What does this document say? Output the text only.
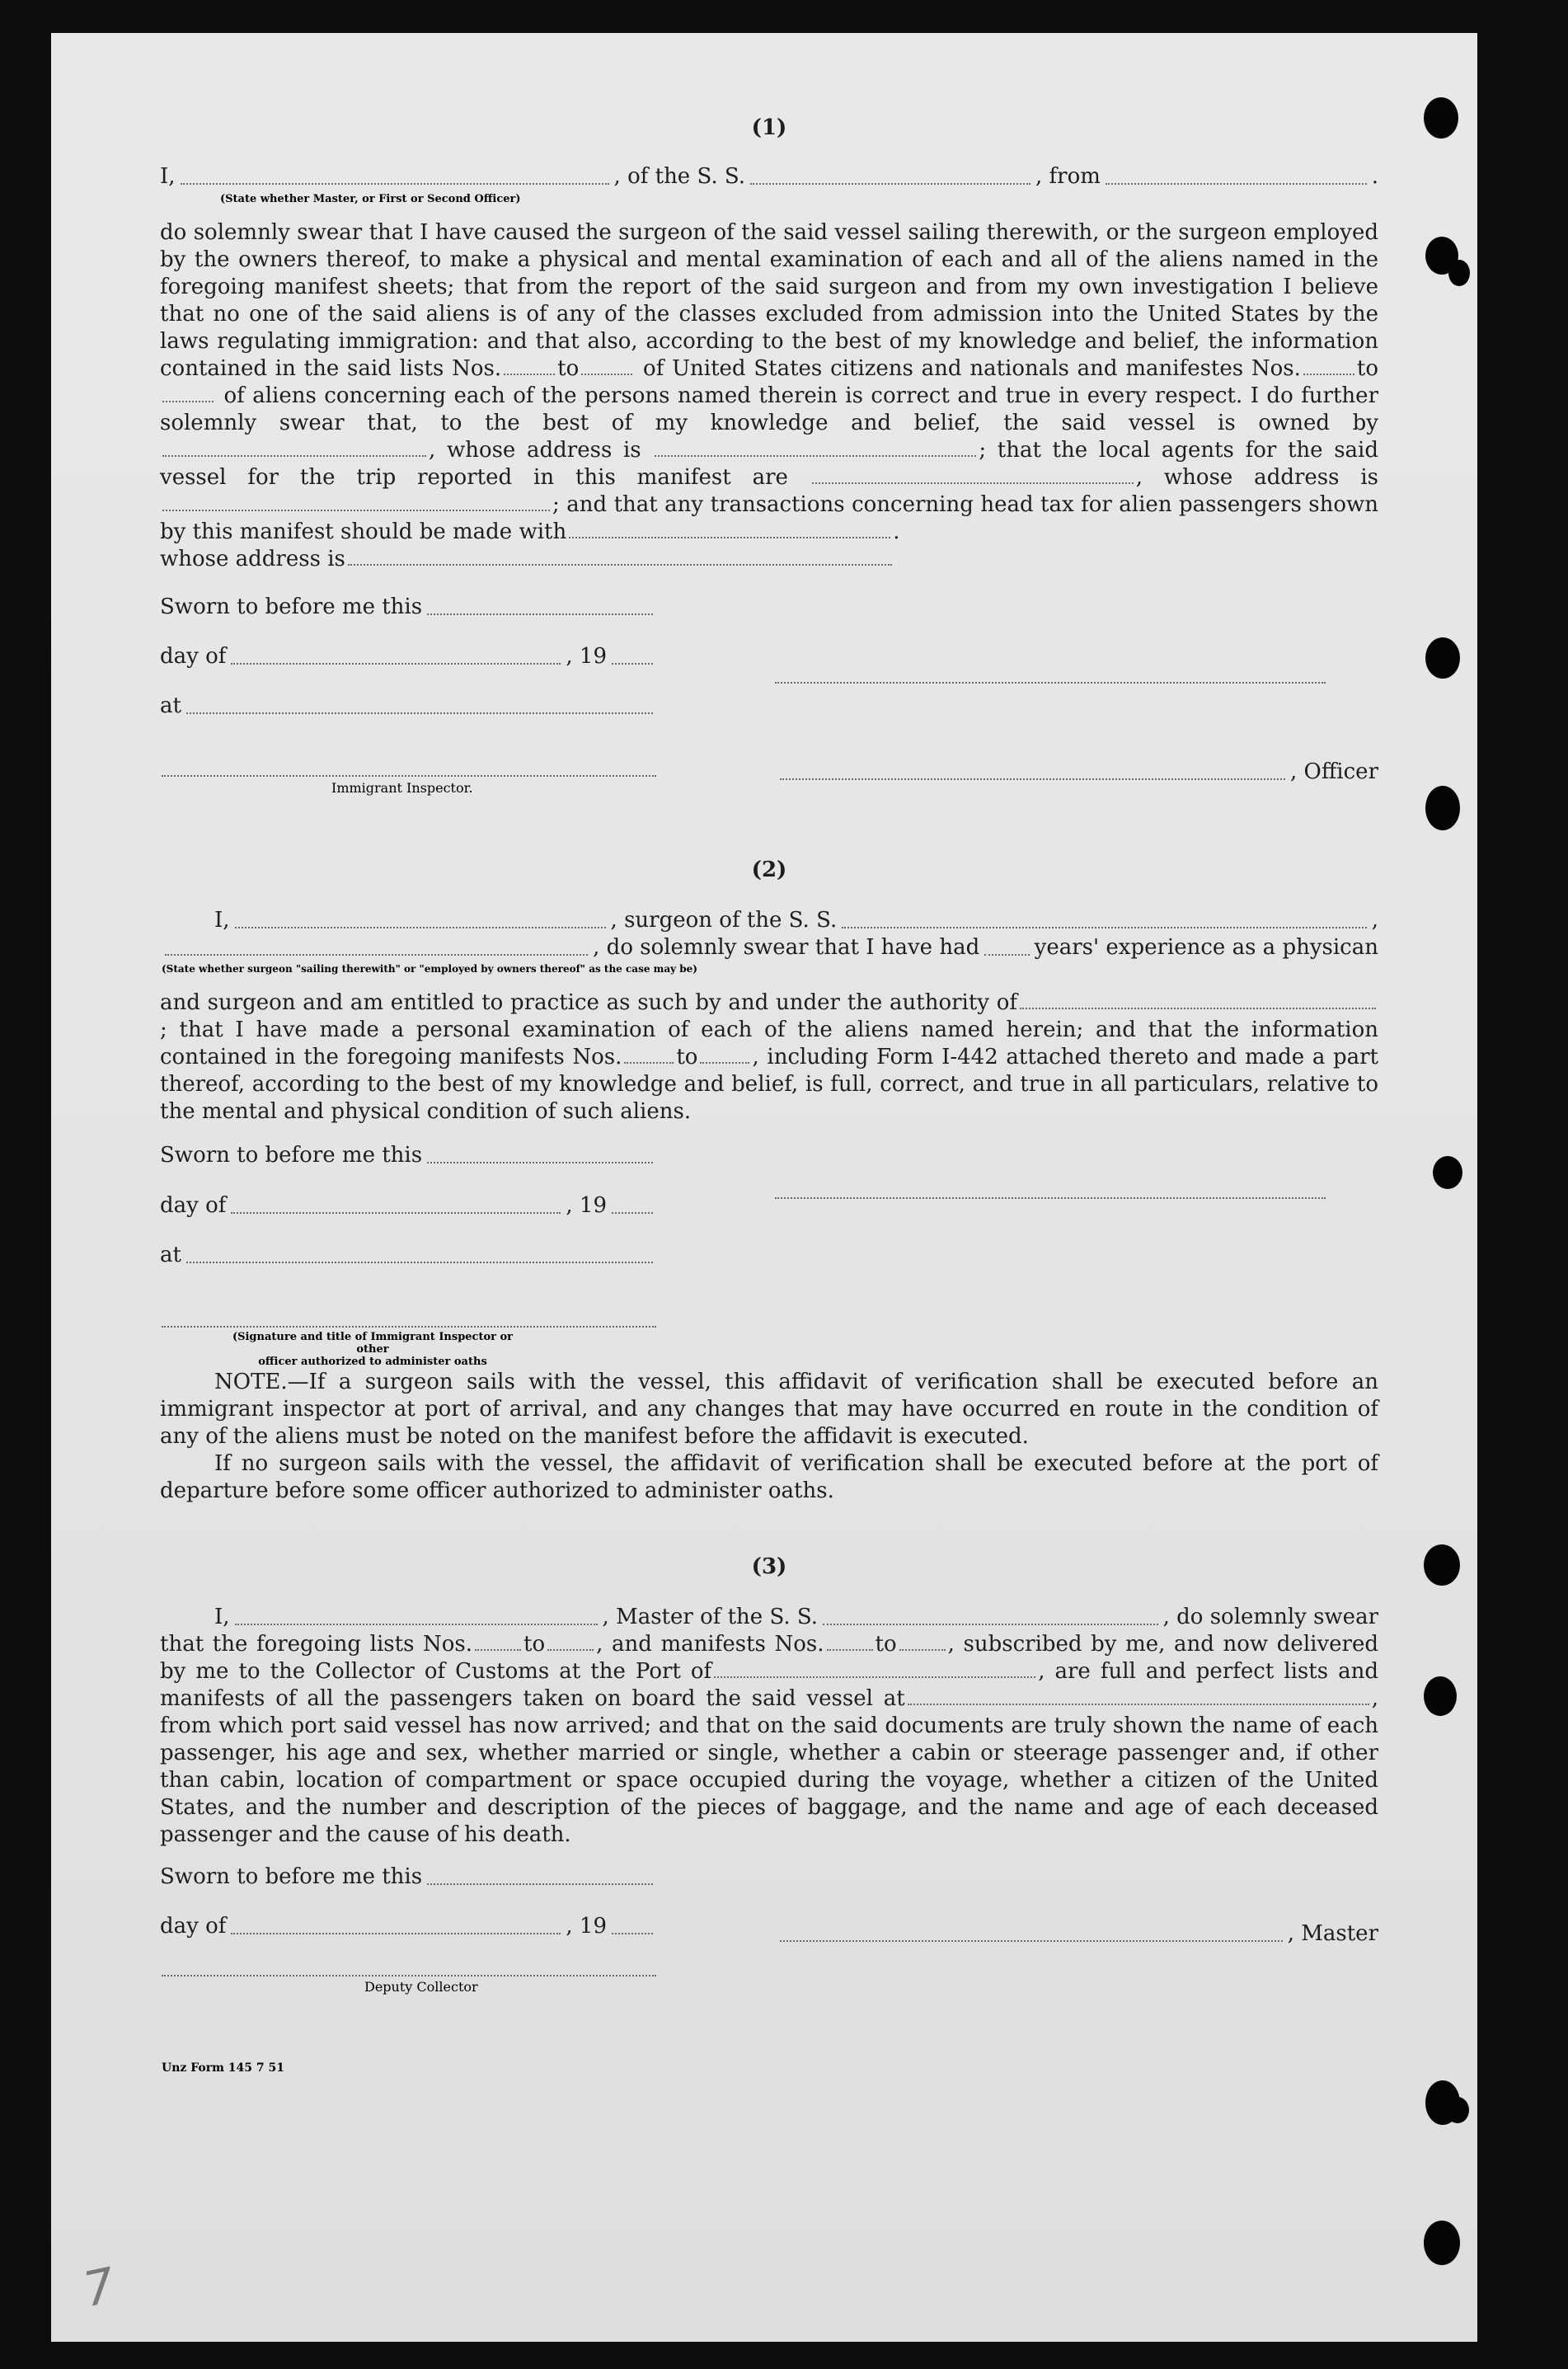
(1)
I,	, of the S. S.	, from	.
(State whether Master, or First or Second Officer)
do solemnly swear that I have caused the surgeon of the said vessel sailing therewith, or the surgeon employed by the owners thereof, to make a physical and mental examination of each and all of the aliens named in the foregoing manifest sheets; that from the report of the said surgeon and from my own investigation I believe that no one of the said aliens is of any of the classes excluded from admission into the United States by the laws regulating immigration: and that also, according to the best of my knowledge and belief, the information contained in the said lists Nos.	to	of United States citizens and nationals and manifestes Nos.	to of aliens concerning each of the persons named therein is correct and true in every respect. I do further solemnly swear that, to the best of my knowledge and belief, the said vessel is owned by, whose address is	; that the local agents for the said vessel for the trip reported in this manifest are	, whose address is; and that any transactions concerning head tax for alien passengers shown by this manifest should be made with	.
whose address is
Sworn to before me this
day of	, 19
at
, Officer
Immigrant Inspector.
(2)
I,	, surgeon of the S. S.	,
, do solemnly swear that I have had	years' experience as a physican
(State whether surgeon "sailing therewith" or "employed by owners thereof" as the case may be)
and surgeon and am entitled to practice as such by and under the authority of; that I have made a personal examination of each of the aliens named herein; and that the information contained in the foregoing manifests Nos.	to	, including Form I-442 attached thereto and made a part thereof, according to the best of my knowledge and belief, is full, correct, and true in all particulars, relative to the mental and physical condition of such aliens.
Sworn to before me this
day of	, 19
at
(Signature and title of Immigrant Inspector or other
officer authorized to administer oaths
NOTE.—If a surgeon sails with the vessel, this affidavit of verification shall be executed before an immigrant inspector at port of arrival, and any changes that may have occurred en route in the condition of any of the aliens must be noted on the manifest before the affidavit is executed.
If no surgeon sails with the vessel, the affidavit of verification shall be executed before at the port of departure before some officer authorized to administer oaths.
(3)
I,	, Master of the S. S.	, do solemnly swear
that the foregoing lists Nos. to , and manifests Nos. to , subscribed by me, and now delivered by me to the Collector of Customs at the Port of	, are full and perfect lists and manifests of all the passengers taken on board the said vessel at	, from which port said vessel has now arrived; and that on the said documents are truly shown the name of each passenger, his age and sex, whether married or single, whether a cabin or steerage passenger and, if other than cabin, location of compartment or space occupied during the voyage, whether a citizen of the United States, and the number and description of the pieces of baggage, and the name and age of each deceased passenger and the cause of his death.
Sworn to before me this
day of	, 19	, Master
Deputy Collector
Unz Form 145 7 51
7
